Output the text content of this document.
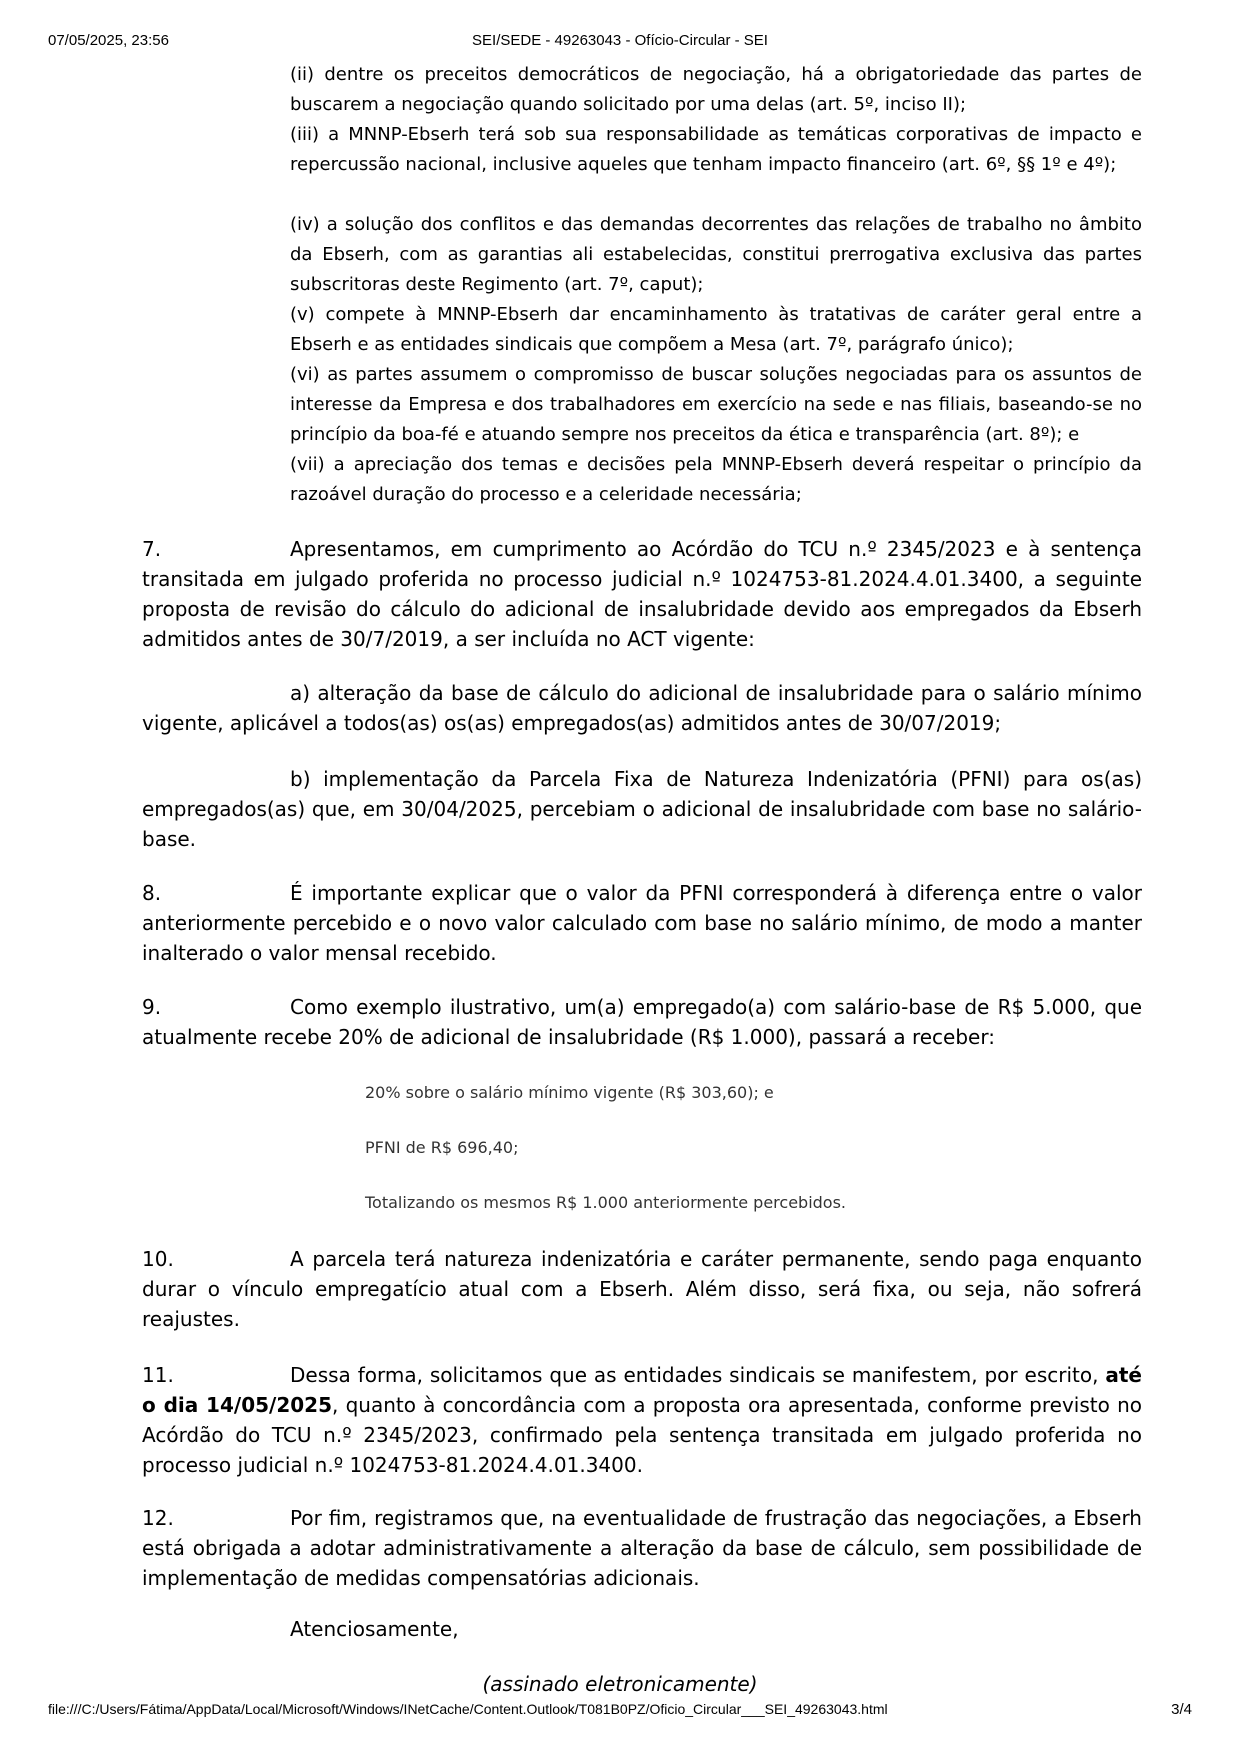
07/05/2025, 23:56	SEI/SEDE - 49263043 - Ofício-Circular - SEI

(ii) dentre os preceitos democráticos de negociação, há a obrigatoriedade das partes de buscarem a negociação quando solicitado por uma delas (art. 5º, inciso II);

(iii) a MNNP-Ebserh terá sob sua responsabilidade as temáticas corporativas de impacto e repercussão nacional, inclusive aqueles que tenham impacto financeiro (art. 6º, §§ 1º e 4º);

(iv) a solução dos conflitos e das demandas decorrentes das relações de trabalho no âmbito da Ebserh, com as garantias ali estabelecidas, constitui prerrogativa exclusiva das partes subscritoras deste Regimento (art. 7º, caput);

(v) compete à MNNP-Ebserh dar encaminhamento às tratativas de caráter geral entre a Ebserh e as entidades sindicais que compõem a Mesa (art. 7º, parágrafo único);

(vi) as partes assumem o compromisso de buscar soluções negociadas para os assuntos de interesse da Empresa e dos trabalhadores em exercício na sede e nas filiais, baseando-se no princípio da boa-fé e atuando sempre nos preceitos da ética e transparência (art. 8º); e

(vii) a apreciação dos temas e decisões pela MNNP-Ebserh deverá respeitar o princípio da razoável duração do processo e a celeridade necessária;

7.	Apresentamos, em cumprimento ao Acórdão do TCU n.º 2345/2023 e à sentença transitada em julgado proferida no processo judicial n.º 1024753-81.2024.4.01.3400, a seguinte proposta de revisão do cálculo do adicional de insalubridade devido aos empregados da Ebserh admitidos antes de 30/7/2019, a ser incluída no ACT vigente:

a) alteração da base de cálculo do adicional de insalubridade para o salário mínimo vigente, aplicável a todos(as) os(as) empregados(as) admitidos antes de 30/07/2019;

b) implementação da Parcela Fixa de Natureza Indenizatória (PFNI) para os(as) empregados(as) que, em 30/04/2025, percebiam o adicional de insalubridade com base no salário-base.

8.	É importante explicar que o valor da PFNI corresponderá à diferença entre o valor anteriormente percebido e o novo valor calculado com base no salário mínimo, de modo a manter inalterado o valor mensal recebido.

9.	Como exemplo ilustrativo, um(a) empregado(a) com salário-base de R$ 5.000, que atualmente recebe 20% de adicional de insalubridade (R$ 1.000), passará a receber:

20% sobre o salário mínimo vigente (R$ 303,60); e

PFNI de R$ 696,40;

Totalizando os mesmos R$ 1.000 anteriormente percebidos.

10.	A parcela terá natureza indenizatória e caráter permanente, sendo paga enquanto durar o vínculo empregatício atual com a Ebserh. Além disso, será fixa, ou seja, não sofrerá reajustes.

11.	Dessa forma, solicitamos que as entidades sindicais se manifestem, por escrito, até o dia 14/05/2025, quanto à concordância com a proposta ora apresentada, conforme previsto no Acórdão do TCU n.º 2345/2023, confirmado pela sentença transitada em julgado proferida no processo judicial n.º 1024753-81.2024.4.01.3400.

12.	Por fim, registramos que, na eventualidade de frustração das negociações, a Ebserh está obrigada a adotar administrativamente a alteração da base de cálculo, sem possibilidade de implementação de medidas compensatórias adicionais.

Atenciosamente,

(assinado eletronicamente)

file:///C:/Users/Fátima/AppData/Local/Microsoft/Windows/INetCache/Content.Outlook/T081B0PZ/Oficio_Circular___SEI_49263043.html	3/4
